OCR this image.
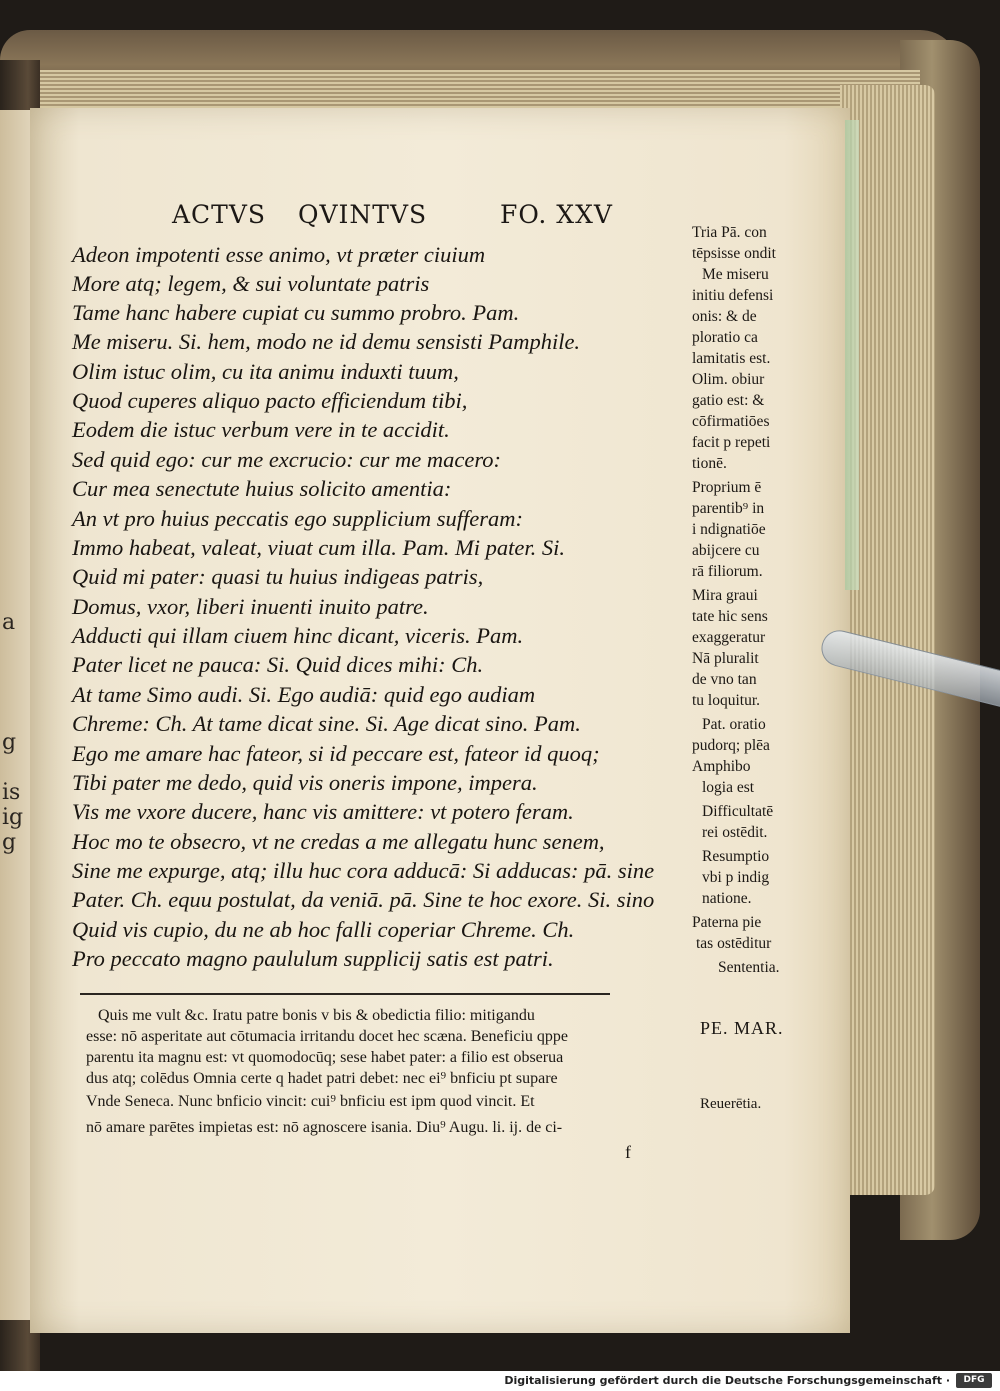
a
g
is
ig
g
ACTVS QVINTVS	FO. XXV
Adeon impotenti esse animo, vt præter ciuium
More atq; legem, & sui voluntate patris
Tame hanc habere cupiat cu summo probro. Pam.
Me miseru. Si. hem, modo ne id demu sensisti Pamphile.
Olim istuc olim, cu ita animu induxti tuum,
Quod cuperes aliquo pacto efficiendum tibi,
Eodem die istuc verbum vere in te accidit.
Sed quid ego: cur me excrucio: cur me macero:
Cur mea senectute huius solicito amentia:
An vt pro huius peccatis ego supplicium sufferam:
Immo habeat, valeat, viuat cum illa. Pam. Mi pater. Si.
Quid mi pater: quasi tu huius indigeas patris,
Domus, vxor, liberi inuenti inuito patre.
Adducti qui illam ciuem hinc dicant, viceris. Pam.
Pater licet ne pauca: Si. Quid dices mihi: Ch.
At tame Simo audi. Si. Ego audiā: quid ego audiam
Chreme: Ch. At tame dicat sine. Si. Age dicat sino. Pam.
Ego me amare hac fateor, si id peccare est, fateor id quoq;
Tibi pater me dedo, quid vis oneris impone, impera.
Vis me vxore ducere, hanc vis amittere: vt potero feram.
Hoc mo te obsecro, vt ne credas a me allegatu hunc senem,
Sine me expurge, atq; illu huc cora adducā: Si adducas: pā. sine
Pater. Ch. equu postulat, da veniā. pā. Sine te hoc exore. Si. sino
Quid vis cupio, du ne ab hoc falli coperiar Chreme. Ch.
Pro peccato magno paululum supplicij satis est patri.
Tria Pā. con
tēpsisse ondit
Me miseru
initiu defensi
onis: & de
ploratio ca
lamitatis est.
Olim. obiur
gatio est: &
cōfirmatiōes
facit p repeti
tionē.
Proprium ē
parentib⁹ in
i ndignatiōe
abijcere cu
rā filiorum.
Mira graui
tate hic sens
exaggeratur
Nā pluralit
de vno tan
tu loquitur.
Pat. oratio
pudorq; plēa
Amphibo
logia est
Difficultatē
rei ostēdit.
Resumptio
vbi p indig
natione.
Paterna pie
tas ostēditur
Sententia.
Quis me vult &c. Iratu patre bonis v bis & obedictia filio: mitigandu
esse: nō asperitate aut cōtumacia irritandu docet hec scæna. Beneficiu qppe
parentu ita magnu est: vt quomodocūq; sese habet pater: a filio est obserua
dus atq; colēdus Omnia certe q hadet patri debet: nec ei⁹ bnficiu pt supare
Vnde Seneca. Nunc bnficio vincit: cui⁹ bnficiu est ipm quod vincit. Et
nō amare parētes impietas est: nō agnoscere isania. Diu⁹ Augu. li. ij. de ci-
PE. MAR.
Reuerētia.
f
Digitalisierung gefördert durch die Deutsche Forschungsgemeinschaft ·	DFG
